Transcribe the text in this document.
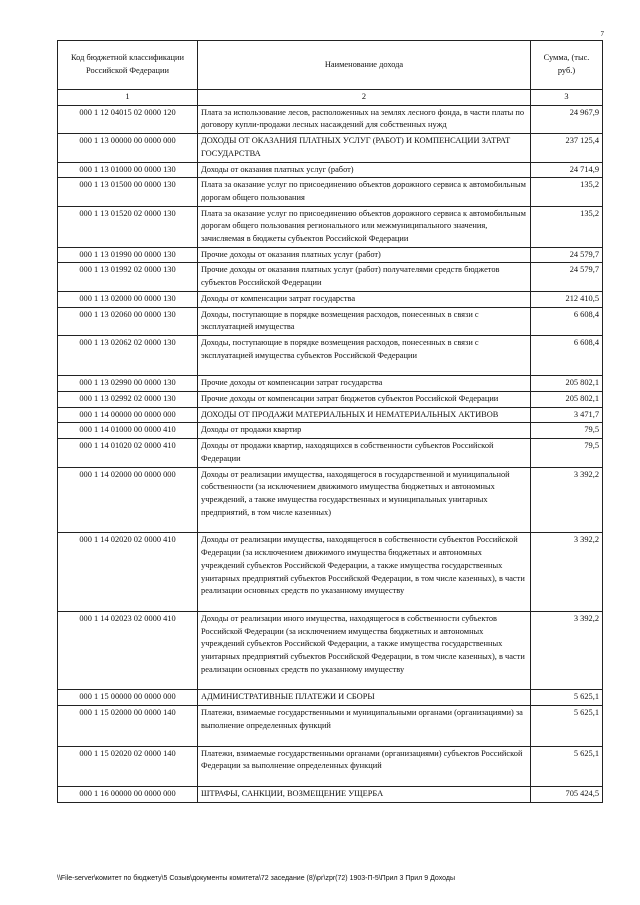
7
Код бюджетной классификации Российской Федерации	Наименование дохода	Сумма, (тыс. руб.)
1	2	3
000 1 12 04015 02 0000 120	Плата за использование лесов, расположенных на землях лесного фонда, в части платы по договору купли-продажи лесных насаждений для собственных нужд	24 967,9
000 1 13 00000 00 0000 000	ДОХОДЫ ОТ ОКАЗАНИЯ ПЛАТНЫХ УСЛУГ (РАБОТ) И КОМПЕНСАЦИИ ЗАТРАТ ГОСУДАРСТВА	237 125,4
000 1 13 01000 00 0000 130	Доходы от оказания платных услуг (работ)	24 714,9
000 1 13 01500 00 0000 130	Плата за оказание услуг по присоединению объектов дорожного сервиса к автомобильным дорогам общего пользования	135,2
000 1 13 01520 02 0000 130	Плата за оказание услуг по присоединению объектов дорожного сервиса к автомобильным дорогам общего пользования регионального или межмуниципального значения, зачисляемая в бюджеты субъектов Российской Федерации	135,2
000 1 13 01990 00 0000 130	Прочие доходы от оказания платных услуг (работ)	24 579,7
000 1 13 01992 02 0000 130	Прочие доходы от оказания платных услуг (работ) получателями средств бюджетов субъектов Российской Федерации	24 579,7
000 1 13 02000 00 0000 130	Доходы от компенсации затрат государства	212 410,5
000 1 13 02060 00 0000 130	Доходы, поступающие в порядке возмещения расходов, понесенных в связи с эксплуатацией имущества	6 608,4
000 1 13 02062 02 0000 130	Доходы, поступающие в порядке возмещения расходов, понесенных в связи с эксплуатацией имущества субъектов Российской Федерации	6 608,4
000 1 13 02990 00 0000 130	Прочие доходы от компенсации затрат государства	205 802,1
000 1 13 02992 02 0000 130	Прочие доходы от компенсации затрат бюджетов субъектов Российской Федерации	205 802,1
000 1 14 00000 00 0000 000	ДОХОДЫ ОТ ПРОДАЖИ МАТЕРИАЛЬНЫХ И НЕМАТЕРИАЛЬНЫХ АКТИВОВ	3 471,7
000 1 14 01000 00 0000 410	Доходы от продажи квартир	79,5
000 1 14 01020 02 0000 410	Доходы от продажи квартир, находящихся в собственности субъектов Российской Федерации	79,5
000 1 14 02000 00 0000 000	Доходы от реализации имущества, находящегося в государственной и муниципальной собственности (за исключением движимого имущества бюджетных и автономных учреждений, а также имущества государственных и муниципальных унитарных предприятий, в том числе казенных)	3 392,2
000 1 14 02020 02 0000 410	Доходы от реализации имущества, находящегося в собственности субъектов Российской Федерации (за исключением движимого имущества бюджетных и автономных учреждений субъектов Российской Федерации, а также имущества государственных унитарных предприятий субъектов Российской Федерации, в том числе казенных), в части реализации основных средств по указанному имуществу	3 392,2
000 1 14 02023 02 0000 410	Доходы от реализации иного имущества, находящегося в собственности субъектов Российской Федерации (за исключением имущества бюджетных и автономных учреждений субъектов Российской Федерации, а также имущества государственных унитарных предприятий субъектов Российской Федерации, в том числе казенных), в части реализации основных средств по указанному имуществу	3 392,2
000 1 15 00000 00 0000 000	АДМИНИСТРАТИВНЫЕ ПЛАТЕЖИ И СБОРЫ	5 625,1
000 1 15 02000 00 0000 140	Платежи, взимаемые государственными и муниципальными органами (организациями) за выполнение определенных функций	5 625,1
000 1 15 02020 02 0000 140	Платежи, взимаемые государственными органами (организациями) субъектов Российской Федерации за выполнение определенных функций	5 625,1
000 1 16 00000 00 0000 000	ШТРАФЫ, САНКЦИИ, ВОЗМЕЩЕНИЕ УЩЕРБА	705 424,5
\\File-server\комитет по бюджету\5 Созыв\документы комитета\72 заседание (8)\рг\zpr(72) 1903-П-5\Прил 3 Прил 9 Доходы
